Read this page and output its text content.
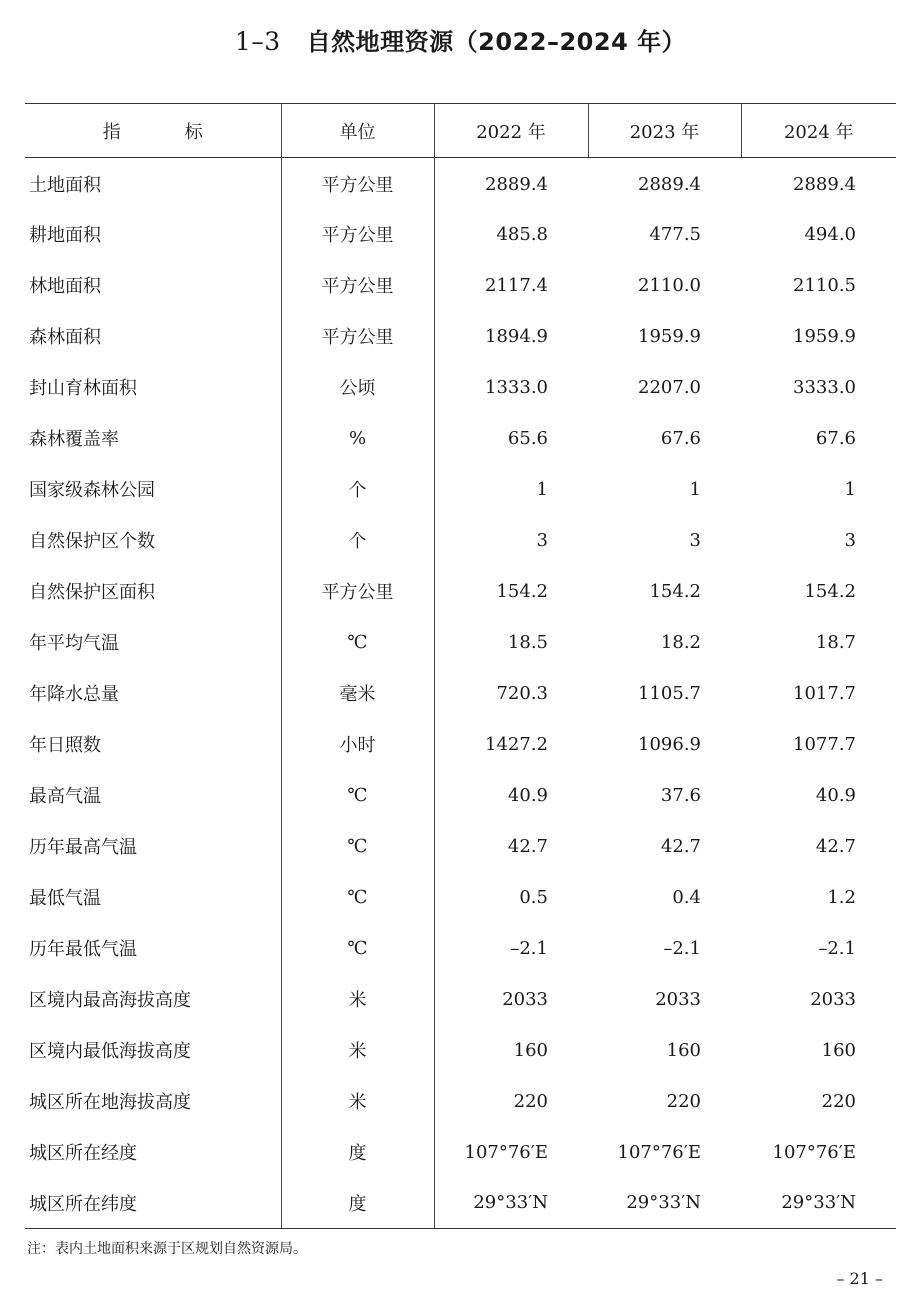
1–3 自然地理资源（2022–2024 年）
指 标	单位	2022 年	2023 年	2024 年
土地面积	平方公里	2889.4	2889.4	2889.4
耕地面积	平方公里	485.8	477.5	494.0
林地面积	平方公里	2117.4	2110.0	2110.5
森林面积	平方公里	1894.9	1959.9	1959.9
封山育林面积	公顷	1333.0	2207.0	3333.0
森林覆盖率	%	65.6	67.6	67.6
国家级森林公园	个	1	1	1
自然保护区个数	个	3	3	3
自然保护区面积	平方公里	154.2	154.2	154.2
年平均气温	℃	18.5	18.2	18.7
年降水总量	毫米	720.3	1105.7	1017.7
年日照数	小时	1427.2	1096.9	1077.7
最高气温	℃	40.9	37.6	40.9
历年最高气温	℃	42.7	42.7	42.7
最低气温	℃	0.5	0.4	1.2
历年最低气温	℃	–2.1	–2.1	–2.1
区境内最高海拔高度	米	2033	2033	2033
区境内最低海拔高度	米	160	160	160
城区所在地海拔高度	米	220	220	220
城区所在经度	度	107°76′E	107°76′E	107°76′E
城区所在纬度	度	29°33′N	29°33′N	29°33′N
注：表内土地面积来源于区规划自然资源局。
– 21 –
